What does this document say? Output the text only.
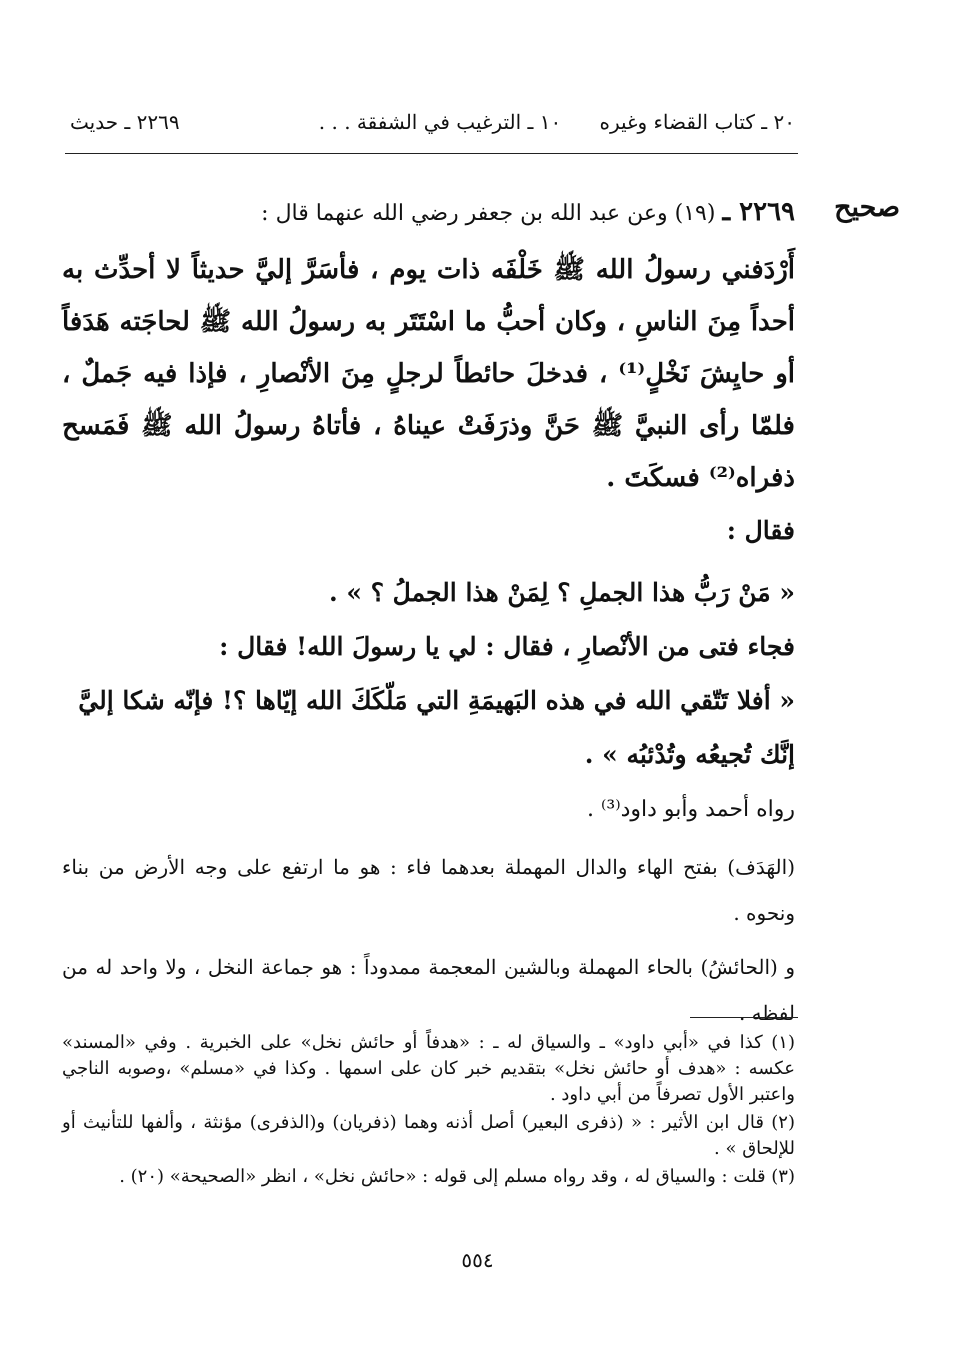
٢٠ ـ كتاب القضاء وغيره
١٠ ـ الترغيب في الشفقة . . .
٢٢٦٩ ـ حديث
صحيح
٢٢٦٩ ـ (١٩) وعن عبد الله بن جعفر رضي الله عنهما قال :
أَرْدَفني رسولُ الله ﷺ خَلْفَه ذات يوم ، فأسَرَّ إليَّ حديثاً لا أحدِّث به أحداً مِنَ الناسِ ، وكان أحبُّ ما اسْتَتَر به رسولُ الله ﷺ لحاجَته هَدَفاً أو حايِشَ نَخْلٍ⁽¹⁾ ، فدخلَ حائطاً لرجلٍ مِنَ الأنْصارِ ، فإذا فيه جَملٌ ، فلمّا رأى النبيَّ ﷺ حَنَّ وذرَفَتْ عيناهُ ، فأتاهُ رسولُ الله ﷺ فَمَسح ذفراه⁽²⁾ فسكَتَ .
فقال :
« مَنْ رَبُّ هذا الجملِ ؟ لِمَنْ هذا الجملُ ؟ » .
فجاء فتى من الأنْصارِ ، فقال : لي يا رسولَ الله! فقال :
« أفلا تَتّقي الله في هذه البَهيمَةِ التي مَلّكَكَ الله إيّاها ؟! فإنّه شكا إليَّ إنَّك تُجيعُه وتُدْئبُه » .
رواه أحمد وأبو داود⁽³⁾ .
(الهَدَف) بفتح الهاء والدال المهملة بعدهما فاء : هو ما ارتفع على وجه الأرض من بناء ونحوه .
و (الحائشُ) بالحاء المهملة وبالشين المعجمة ممدوداً : هو جماعة النخل ، ولا واحد له من لفظه .
(١) كذا في «أبي داود» ـ والسياق له ـ : «هدفاً أو حائش نخل» على الخبرية . وفي «المسند» عكسه : «هدف أو حائش نخل» بتقديم خبر كان على اسمها . وكذا في «مسلم» ،وصوبه الناجي واعتبر الأول تصرفاً من أبي داود .
(٢) قال ابن الأثير : « (ذفرى البعير) أصل أذنه وهما (ذفريان) و(الذفرى) مؤنثة ، وألفها للتأنيث أو للإلحاق » .
(٣) قلت : والسياق له ، وقد رواه مسلم إلى قوله : «حائش نخل» ، انظر «الصحيحة» (٢٠) .
٥٥٤
